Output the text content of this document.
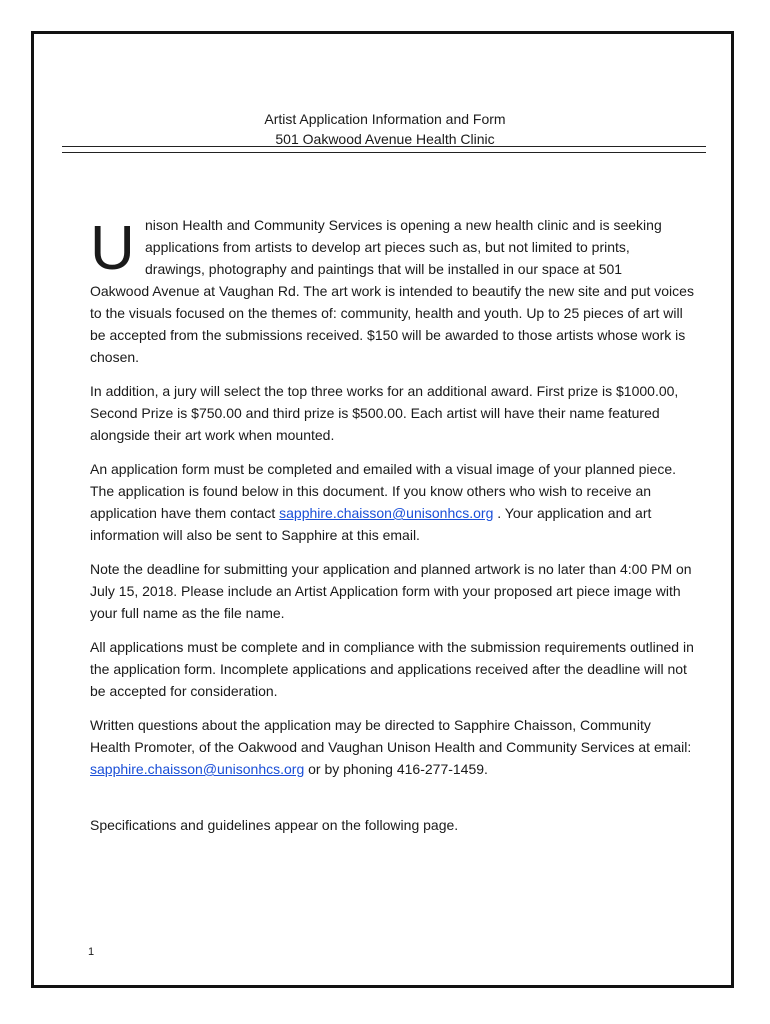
Artist Application Information and Form
501 Oakwood Avenue Health Clinic
U nison Health and Community Services is opening a new health clinic and is seeking
applications from artists to develop art pieces such as, but not limited to prints,
drawings, photography and paintings that will be installed in our space at 501
Oakwood Avenue at Vaughan Rd. The art work is intended to beautify the new site and put voices to the visuals focused on the themes of: community, health and youth. Up to 25 pieces of art will be accepted from the submissions received. $150 will be awarded to those artists whose work is chosen.

In addition, a jury will select the top three works for an additional award. First prize is $1000.00, Second Prize is $750.00 and third prize is $500.00. Each artist will have their name featured alongside their art work when mounted.

An application form must be completed and emailed with a visual image of your planned piece. The application is found below in this document. If you know others who wish to receive an application have them contact sapphire.chaisson@unisonhcs.org . Your application and art information will also be sent to Sapphire at this email.

Note the deadline for submitting your application and planned artwork is no later than 4:00 PM on July 15, 2018. Please include an Artist Application form with your proposed art piece image with your full name as the file name.

All applications must be complete and in compliance with the submission requirements outlined in the application form. Incomplete applications and applications received after the deadline will not be accepted for consideration.

Written questions about the application may be directed to Sapphire Chaisson, Community Health Promoter, of the Oakwood and Vaughan Unison Health and Community Services at email: sapphire.chaisson@unisonhcs.org or by phoning 416-277-1459.

Specifications and guidelines appear on the following page.

1
